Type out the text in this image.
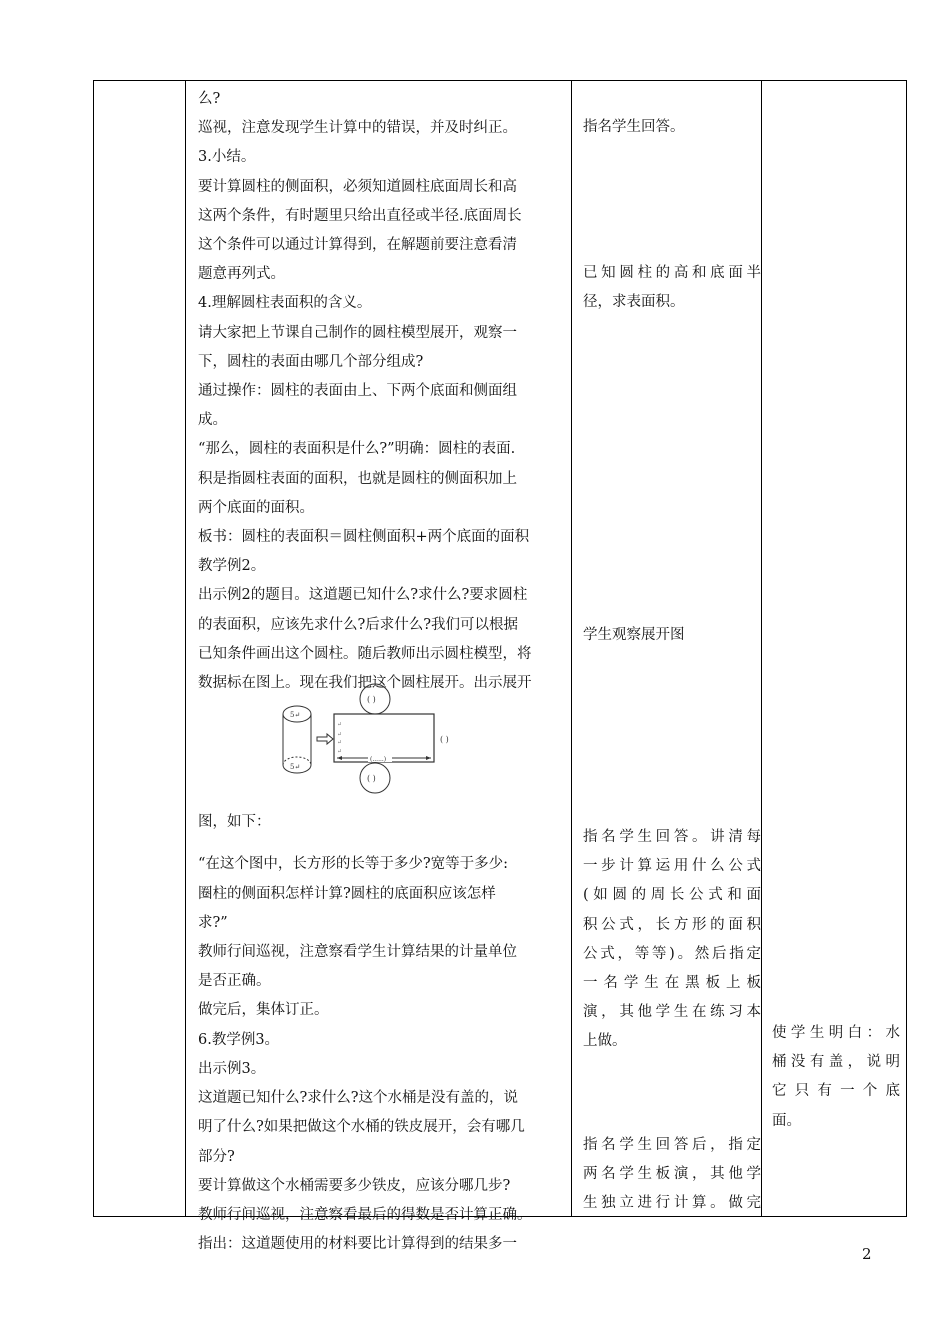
么?
巡视，注意发现学生计算中的错误，并及时纠正。
3.小结。
要计算圆柱的侧面积，必须知道圆柱底面周长和高
这两个条件，有时题里只给出直径或半径.底面周长
这个条件可以通过计算得到，在解题前要注意看清
题意再列式。
4.理解圆柱表面积的含义。
请大家把上节课自己制作的圆柱模型展开，观察一
下，圆柱的表面由哪几个部分组成?
通过操作：圆柱的表面由上、下两个底面和侧面组
成。
“那么，圆柱的表面积是什么?”明确：圆柱的表面.
积是指圆柱表面的面积，也就是圆柱的侧面积加上
两个底面的面积。
板书：圆柱的表面积＝圆柱侧面积+两个底面的面积
教学例2。
出示例2的题目。这道题已知什么?求什么?要求圆柱
的表面积，应该先求什么?后求什么?我们可以根据
已知条件画出这个圆柱。随后教师出示圆柱模型，将
数据标在图上。现在我们把这个圆柱展开。出示展开
图，如下：
“在这个图中，长方形的长等于多少?宽等于多少:
圈柱的侧面积怎样计算?圆柱的底面积应该怎样
求?”
教师行间巡视，注意察看学生计算结果的计量单位
是否正确。
做完后，集体订正。
6.教学例3。
出示例3。
这道题已知什么?求什么?这个水桶是没有盖的，说
明了什么?如果把做这个水桶的铁皮展开，会有哪几
部分?
要计算做这个水桶需要多少铁皮，应该分哪几步?
教师行间巡视，注意察看最后的得数是否计算正确。
指出：这道题使用的材料要比计算得到的结果多一
指名学生回答。
已知圆柱的高和底面半
径，求表面积。
学生观察展开图
指名学生回答。讲清每
一步计算运用什么公式
(如圆的周长公式和面
积公式，长方形的面积
公式，等等)。然后指定
一名学生在黑板上板
演，其他学生在练习本
上做。
指名学生回答后，指定
两名学生板演，其他学
生独立进行计算。做完
使学生明白：水
桶没有盖，说明
它只有一个底
面。
5↵
5↵
( )
( )
↵
↵
↵
↵
(......)
( )
2
